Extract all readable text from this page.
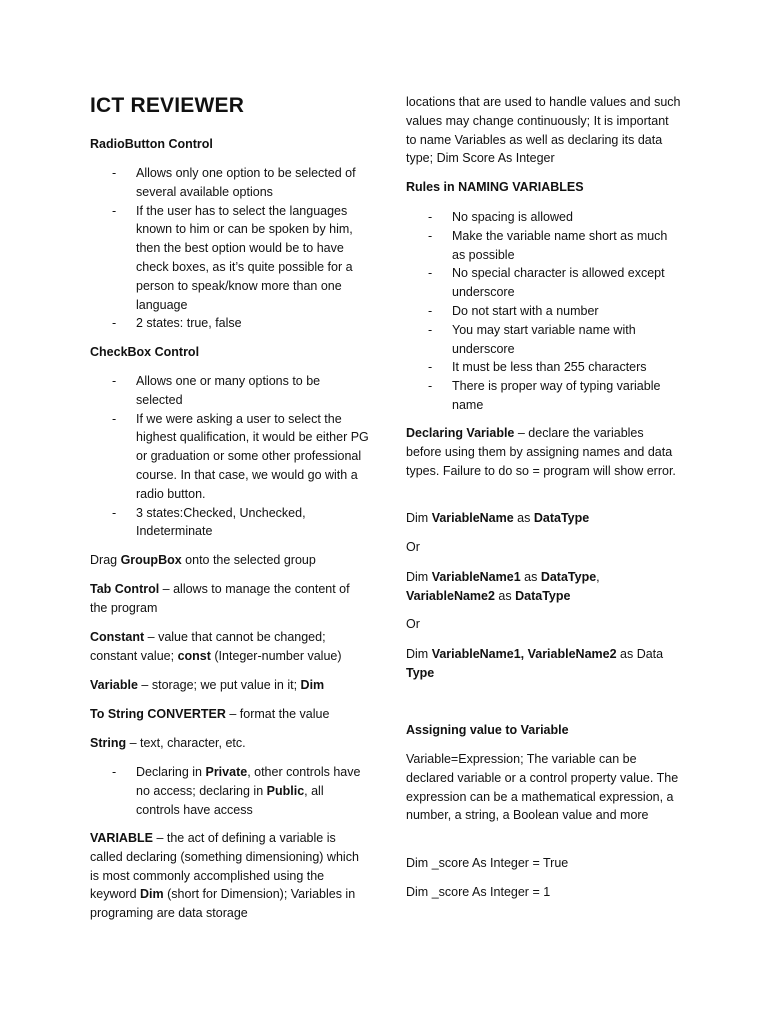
ICT REVIEWER

RadioButton Control

- Allows only one option to be selected of several available options
- If the user has to select the languages known to him or can be spoken by him, then the best option would be to have check boxes, as it’s quite possible for a person to speak/know more than one language
- 2 states: true, false

CheckBox Control

- Allows one or many options to be selected
- If we were asking a user to select the highest qualification, it would be either PG or graduation or some other professional course. In that case, we would go with a radio button.
- 3 states:Checked, Unchecked, Indeterminate

Drag GroupBox onto the selected group

Tab Control – allows to manage the content of the program

Constant – value that cannot be changed; constant value; const (Integer-number value)

Variable – storage; we put value in it; Dim

To String CONVERTER – format the value

String – text, character, etc.

- Declaring in Private, other controls have no access; declaring in Public, all controls have access

VARIABLE – the act of defining a variable is called declaring (something dimensioning) which is most commonly accomplished using the keyword Dim (short for Dimension); Variables in programing are data storage

locations that are used to handle values and such values may change continuously; It is important to name Variables as well as declaring its data type; Dim Score As Integer

Rules in NAMING VARIABLES

- No spacing is allowed
- Make the variable name short as much as possible
- No special character is allowed except underscore
- Do not start with a number
- You may start variable name with underscore
- It must be less than 255 characters
- There is proper way of typing variable name

Declaring Variable – declare the variables before using them by assigning names and data types. Failure to do so = program will show error.

Dim VariableName as DataType

Or

Dim VariableName1 as DataType,
VariableName2 as DataType

Or

Dim VariableName1, VariableName2 as Data
Type

Assigning value to Variable

Variable=Expression; The variable can be declared variable or a control property value. The expression can be a mathematical expression, a number, a string, a Boolean value and more

Dim _score As Integer = True

Dim _score As Integer = 1
